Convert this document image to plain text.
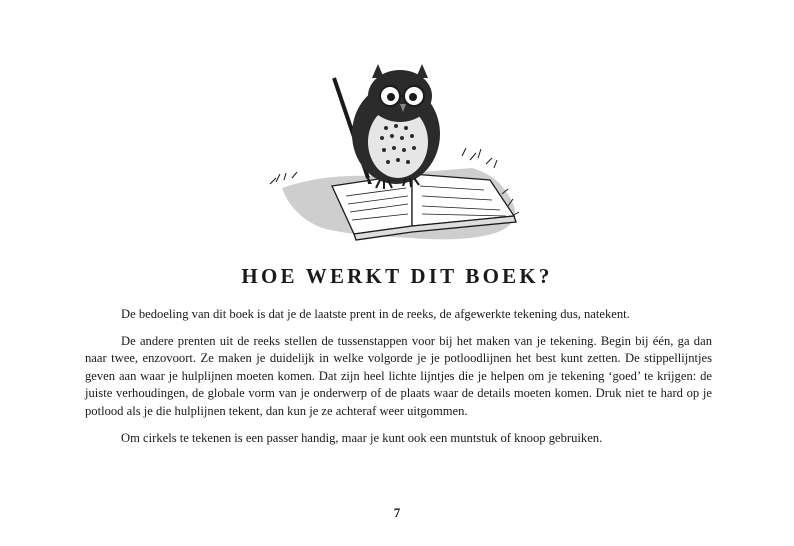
HOE WERKT DIT BOEK?

De bedoeling van dit boek is dat je de laatste prent in de reeks, de afgewerkte tekening dus, natekent.

De andere prenten uit de reeks stellen de tussenstappen voor bij het maken van je tekening. Begin bij één, ga dan naar twee, enzovoort. Ze maken je duidelijk in welke volgorde je je potloodlijnen het best kunt zetten. De stippellijntjes geven aan waar je hulplijnen moeten komen. Dat zijn heel lichte lijntjes die je helpen om je tekening ‘goed’ te krijgen: de juiste verhoudingen, de globale vorm van je onderwerp of de plaats waar de details moeten komen. Druk niet te hard op je potlood als je die hulplijnen tekent, dan kun je ze achteraf weer uitgommen.

Om cirkels te tekenen is een passer handig, maar je kunt ook een muntstuk of knoop gebruiken.

7
